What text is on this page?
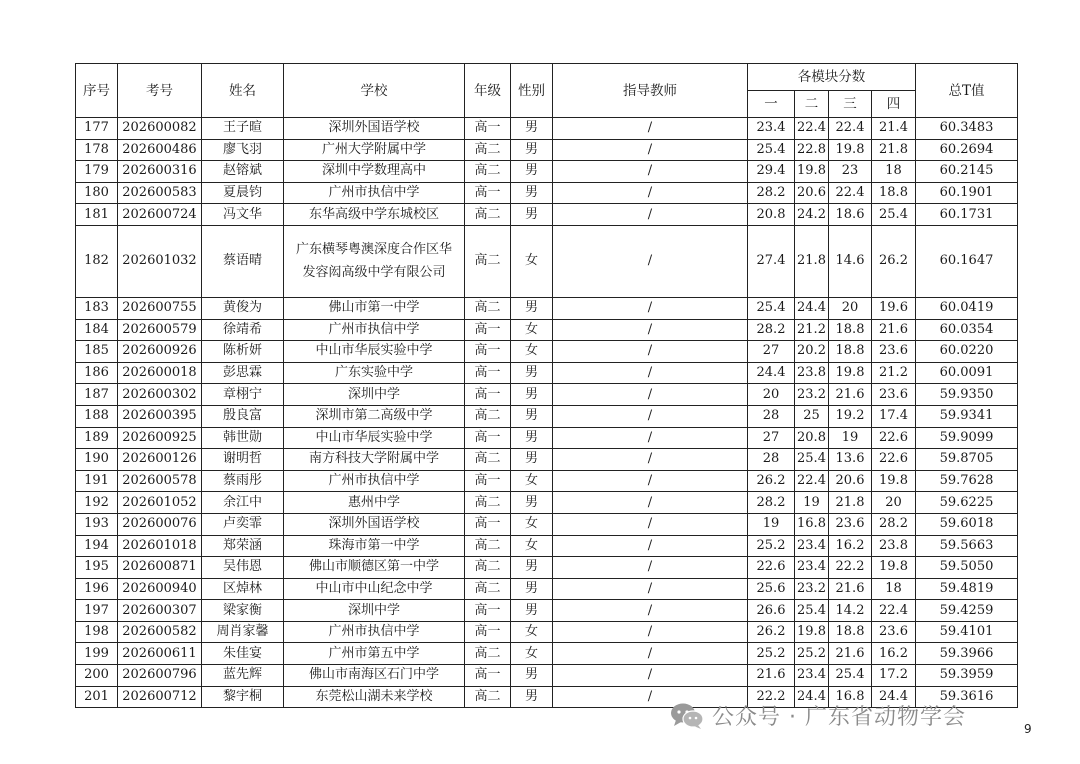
序号	考号	姓名	学校	年级	性别	指导教师	各模块分数				总T值
							一	二	三	四	
177	202600082	王子暄	深圳外国语学校	高一	男	/	23.4	22.4	22.4	21.4	60.3483
178	202600486	廖飞羽	广州大学附属中学	高二	男	/	25.4	22.8	19.8	21.8	60.2694
179	202600316	赵镕斌	深圳中学数理高中	高二	男	/	29.4	19.8	23	18	60.2145
180	202600583	夏晨钧	广州市执信中学	高一	男	/	28.2	20.6	22.4	18.8	60.1901
181	202600724	冯文华	东华高级中学东城校区	高二	男	/	20.8	24.2	18.6	25.4	60.1731
182	202601032	蔡语晴	广东横琴粤澳深度合作区华发容闳高级中学有限公司	高二	女	/	27.4	21.8	14.6	26.2	60.1647
183	202600755	黄俊为	佛山市第一中学	高二	男	/	25.4	24.4	20	19.6	60.0419
184	202600579	徐靖希	广州市执信中学	高一	女	/	28.2	21.2	18.8	21.6	60.0354
185	202600926	陈析妍	中山市华辰实验中学	高一	女	/	27	20.2	18.8	23.6	60.0220
186	202600018	彭思霖	广东实验中学	高一	男	/	24.4	23.8	19.8	21.2	60.0091
187	202600302	章栩宁	深圳中学	高一	男	/	20	23.2	21.6	23.6	59.9350
188	202600395	殷良富	深圳市第二高级中学	高二	男	/	28	25	19.2	17.4	59.9341
189	202600925	韩世勋	中山市华辰实验中学	高一	男	/	27	20.8	19	22.6	59.9099
190	202600126	谢明哲	南方科技大学附属中学	高二	男	/	28	25.4	13.6	22.6	59.8705
191	202600578	蔡雨彤	广州市执信中学	高一	女	/	26.2	22.4	20.6	19.8	59.7628
192	202601052	余江中	惠州中学	高二	男	/	28.2	19	21.8	20	59.6225
193	202600076	卢奕霏	深圳外国语学校	高一	女	/	19	16.8	23.6	28.2	59.6018
194	202601018	郑荣涵	珠海市第一中学	高二	女	/	25.2	23.4	16.2	23.8	59.5663
195	202600871	吴伟恩	佛山市顺德区第一中学	高二	男	/	22.6	23.4	22.2	19.8	59.5050
196	202600940	区焯林	中山市中山纪念中学	高二	男	/	25.6	23.2	21.6	18	59.4819
197	202600307	梁家衡	深圳中学	高一	男	/	26.6	25.4	14.2	22.4	59.4259
198	202600582	周肖家馨	广州市执信中学	高一	女	/	26.2	19.8	18.8	23.6	59.4101
199	202600611	朱佳宴	广州市第五中学	高二	女	/	25.2	25.2	21.6	16.2	59.3966
200	202600796	蓝先辉	佛山市南海区石门中学	高一	男	/	21.6	23.4	25.4	17.2	59.3959
201	202600712	黎宇桐	东莞松山湖未来学校	高二	男	/	22.2	24.4	16.8	24.4	59.3616
公众号 · 广东省动物学会	9
